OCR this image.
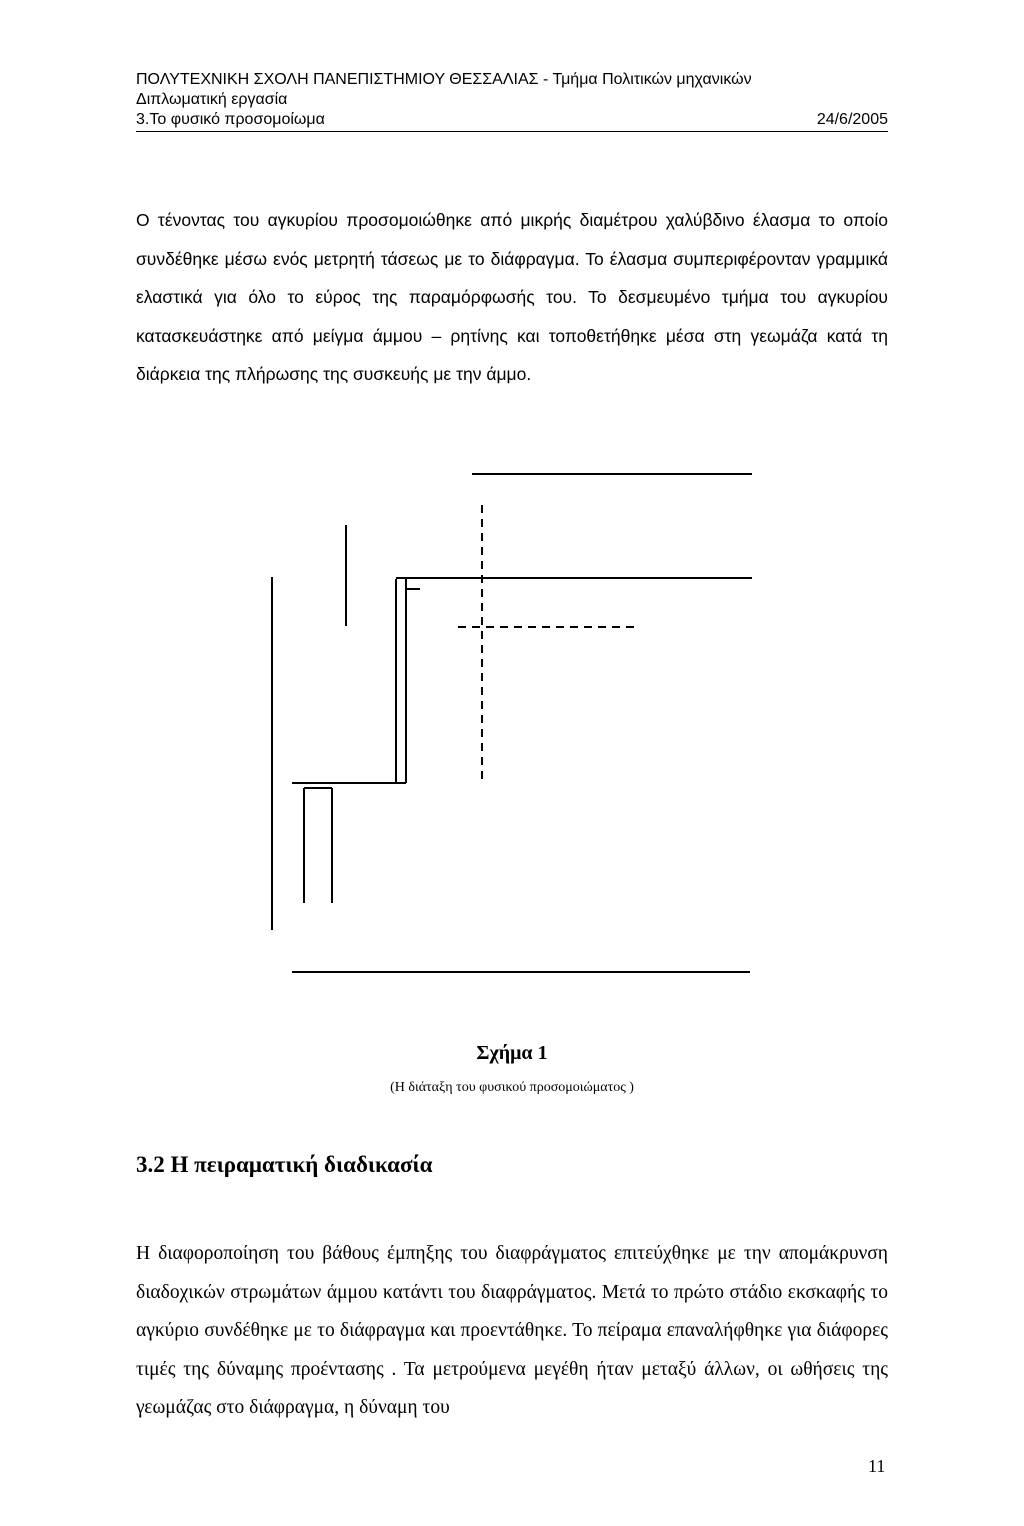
ΠΟΛΥΤΕΧΝΙΚΗ ΣΧΟΛΗ ΠΑΝΕΠΙΣΤΗΜΙΟΥ ΘΕΣΣΑΛΙΑΣ - Τμήμα Πολιτικών μηχανικών
Διπλωματική εργασία
3.Το φυσικό προσομοίωμα	24/6/2005

Ο τένοντας του αγκυρίου προσομοιώθηκε από μικρής διαμέτρου χαλύβδινο έλασμα το οποίο συνδέθηκε μέσω ενός μετρητή τάσεως με το διάφραγμα. Το έλασμα συμπεριφέρονταν γραμμικά ελαστικά για όλο το εύρος της παραμόρφωσής του. Το δεσμευμένο τμήμα του αγκυρίου κατασκευάστηκε από μείγμα άμμου – ρητίνης και τοποθετήθηκε μέσα στη γεωμάζα κατά τη διάρκεια της πλήρωσης της συσκευής με την άμμο.

Σχήμα 1
(Η διάταξη του φυσικού προσομοιώματος )
3.2 Η πειραματική διαδικασία

Η διαφοροποίηση του βάθους έμπηξης του διαφράγματος επιτεύχθηκε με την απομάκρυνση διαδοχικών στρωμάτων άμμου κατάντι του διαφράγματος. Μετά το πρώτο στάδιο εκσκαφής το αγκύριο συνδέθηκε με το διάφραγμα και προεντάθηκε. Το πείραμα επαναλήφθηκε για διάφορες τιμές της δύναμης προέντασης . Τα μετρούμενα μεγέθη ήταν μεταξύ άλλων, οι ωθήσεις της γεωμάζας στο διάφραγμα, η δύναμη του

11
